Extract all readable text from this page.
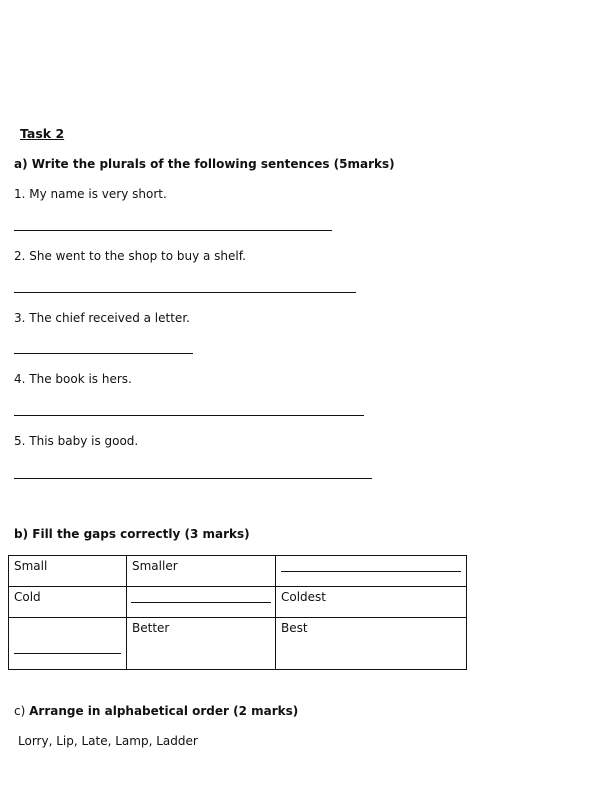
Task 2
a) Write the plurals of the following sentences (5marks)
1. My name is very short.
2. She went to the shop to buy a shelf.
3. The chief received a letter.
4. The book is hers.
5. This baby is good.
b) Fill the gaps correctly (3 marks)
Small	Smaller	

Cold		Coldest

	Better	Best
c) Arrange in alphabetical order (2 marks)
Lorry, Lip, Late, Lamp, Ladder
